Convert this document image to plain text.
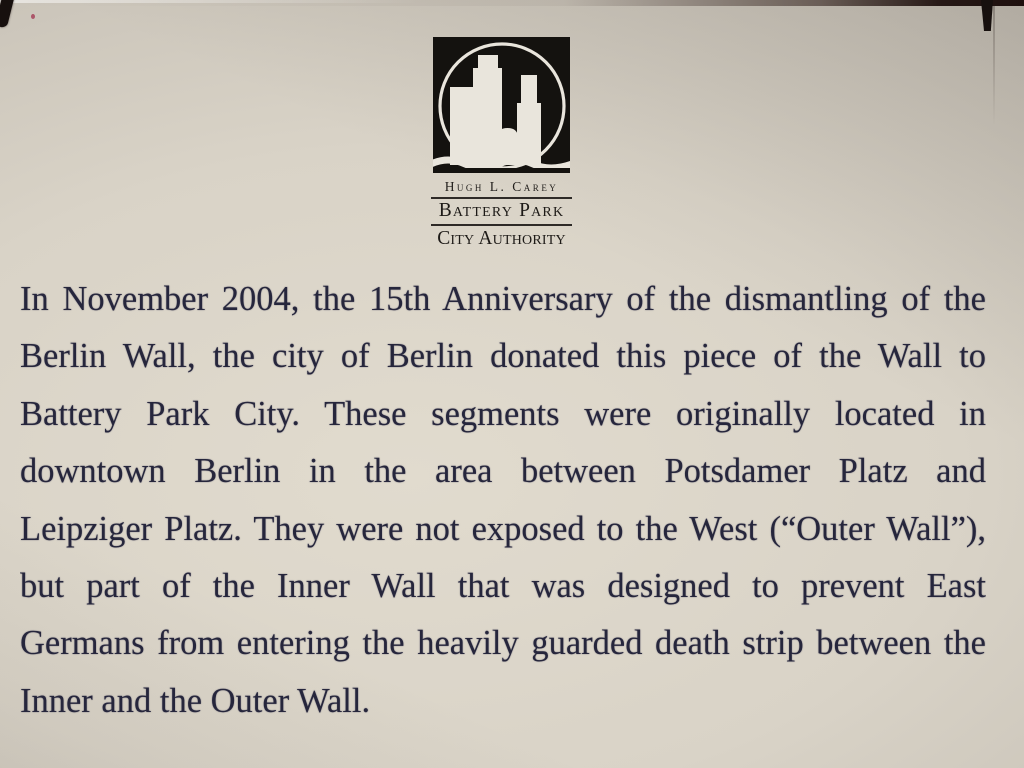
Hugh L. Carey
Battery Park
City Authority
In November 2004, the 15th Anniversary of the dismantling of the
Berlin Wall, the city of Berlin donated this piece of the Wall to
Battery Park City. These segments were originally located in
downtown Berlin in the area between Potsdamer Platz and
Leipziger Platz. They were not exposed to the West (“Outer Wall”),
but part of the Inner Wall that was designed to prevent East
Germans from entering the heavily guarded death strip between the
Inner and the Outer Wall.
